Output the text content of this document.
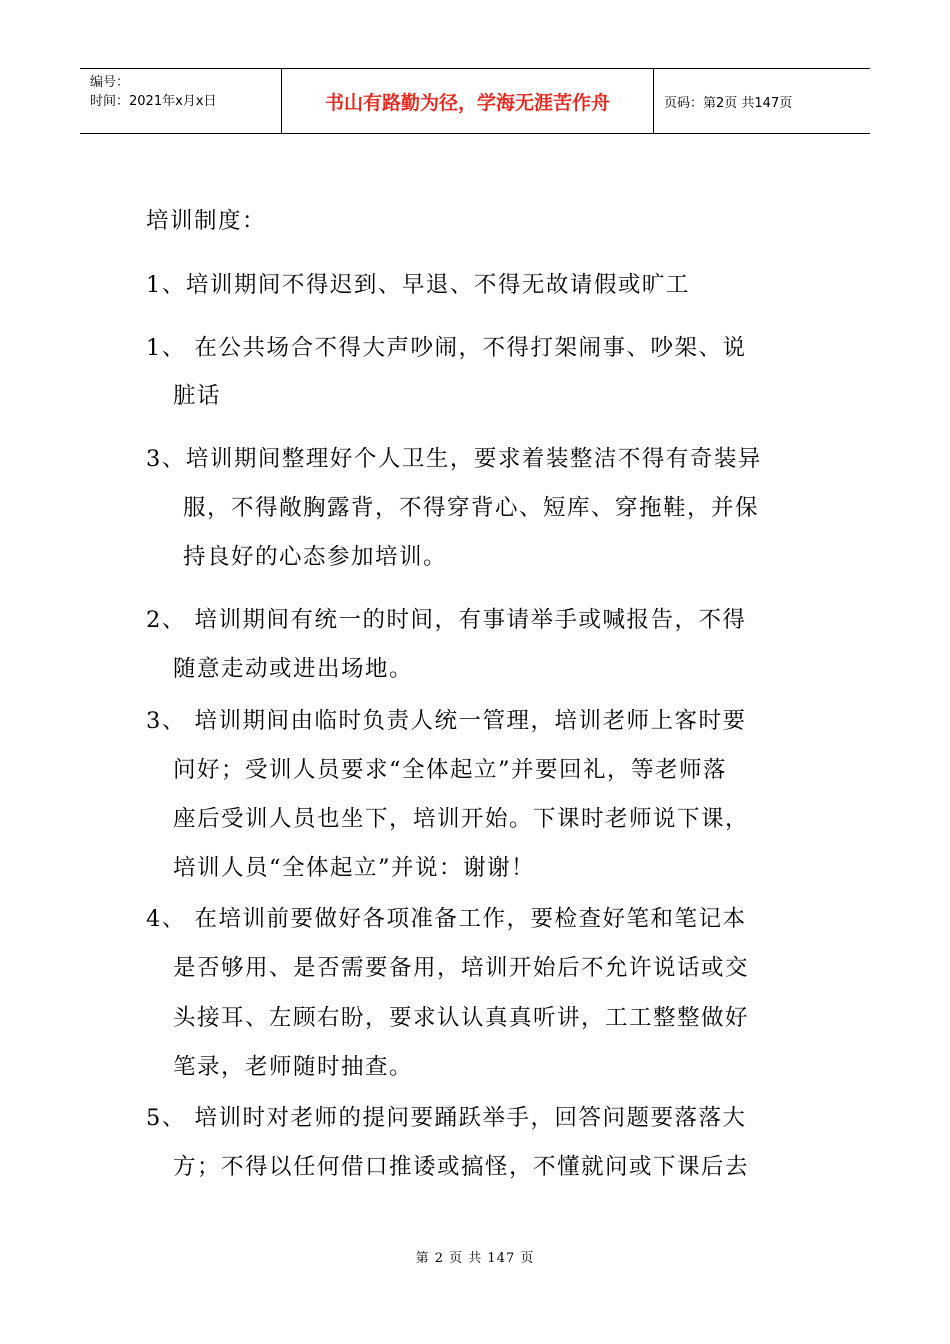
编号：
时间：2021年x月x日	书山有路勤为径，学海无涯苦作舟	页码：第2页 共147页
培训制度：
1、培训期间不得迟到、早退、不得无故请假或旷工
1、 在公共场合不得大声吵闹，不得打架闹事、吵架、说
脏话
3、培训期间整理好个人卫生，要求着装整洁不得有奇装异
服，不得敞胸露背，不得穿背心、短库、穿拖鞋，并保
持良好的心态参加培训。
2、 培训期间有统一的时间，有事请举手或喊报告，不得
随意走动或进出场地。
3、 培训期间由临时负责人统一管理，培训老师上客时要
问好；受训人员要求“全体起立”并要回礼，等老师落
座后受训人员也坐下，培训开始。下课时老师说下课，
培训人员“全体起立”并说：谢谢！
4、 在培训前要做好各项准备工作，要检查好笔和笔记本
是否够用、是否需要备用，培训开始后不允许说话或交
头接耳、左顾右盼，要求认认真真听讲，工工整整做好
笔录，老师随时抽查。
5、 培训时对老师的提问要踊跃举手，回答问题要落落大
方；不得以任何借口推诿或搞怪，不懂就问或下课后去
第 2 页 共 147 页
